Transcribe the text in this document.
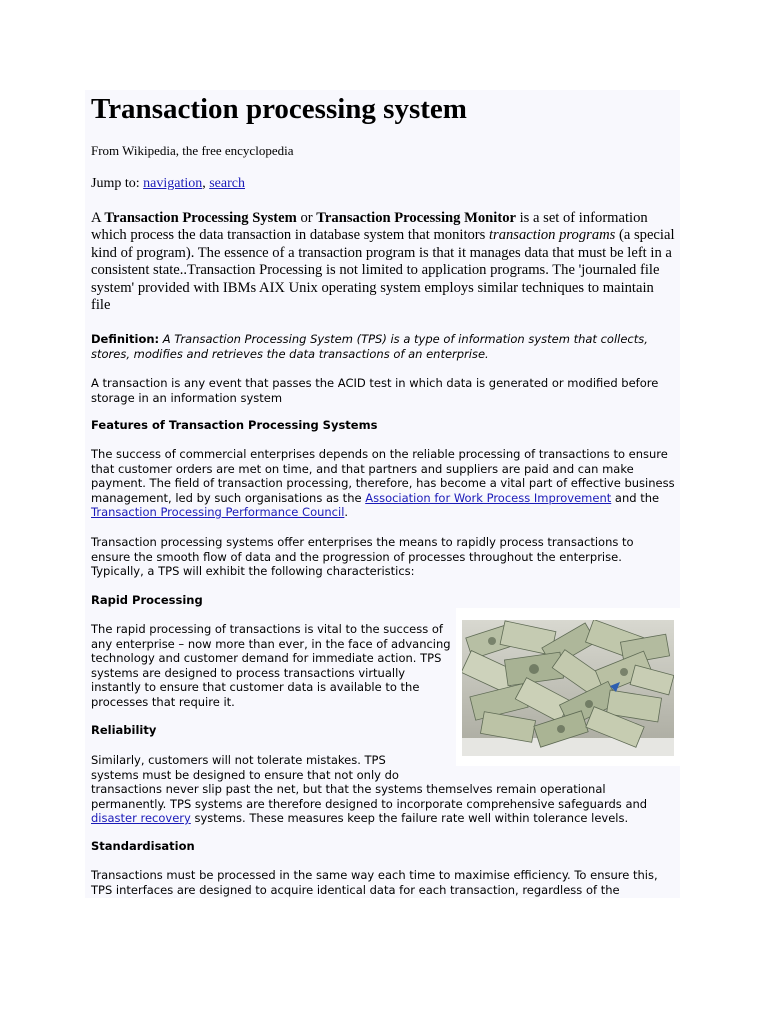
Transaction processing system
From Wikipedia, the free encyclopedia
Jump to: navigation, search
A Transaction Processing System or Transaction Processing Monitor is a set of information which process the data transaction in database system that monitors transaction programs (a special kind of program). The essence of a transaction program is that it manages data that must be left in a consistent state..Transaction Processing is not limited to application programs. The 'journaled file system' provided with IBMs AIX Unix operating system employs similar techniques to maintain file
Definition: A Transaction Processing System (TPS) is a type of information system that collects, stores, modifies and retrieves the data transactions of an enterprise.
A transaction is any event that passes the ACID test in which data is generated or modified before storage in an information system
Features of Transaction Processing Systems
The success of commercial enterprises depends on the reliable processing of transactions to ensure that customer orders are met on time, and that partners and suppliers are paid and can make payment. The field of transaction processing, therefore, has become a vital part of effective business management, led by such organisations as the Association for Work Process Improvement and the Transaction Processing Performance Council.
Transaction processing systems offer enterprises the means to rapidly process transactions to ensure the smooth flow of data and the progression of processes throughout the enterprise. Typically, a TPS will exhibit the following characteristics:
Rapid Processing
The rapid processing of transactions is vital to the success of any enterprise – now more than ever, in the face of advancing technology and customer demand for immediate action. TPS systems are designed to process transactions virtually instantly to ensure that customer data is available to the processes that require it.
Reliability
Similarly, customers will not tolerate mistakes. TPS
systems must be designed to ensure that not only do
transactions never slip past the net, but that the systems themselves remain operational permanently. TPS systems are therefore designed to incorporate comprehensive safeguards and disaster recovery systems. These measures keep the failure rate well within tolerance levels.
Standardisation
Transactions must be processed in the same way each time to maximise efficiency. To ensure this, TPS interfaces are designed to acquire identical data for each transaction, regardless of the
